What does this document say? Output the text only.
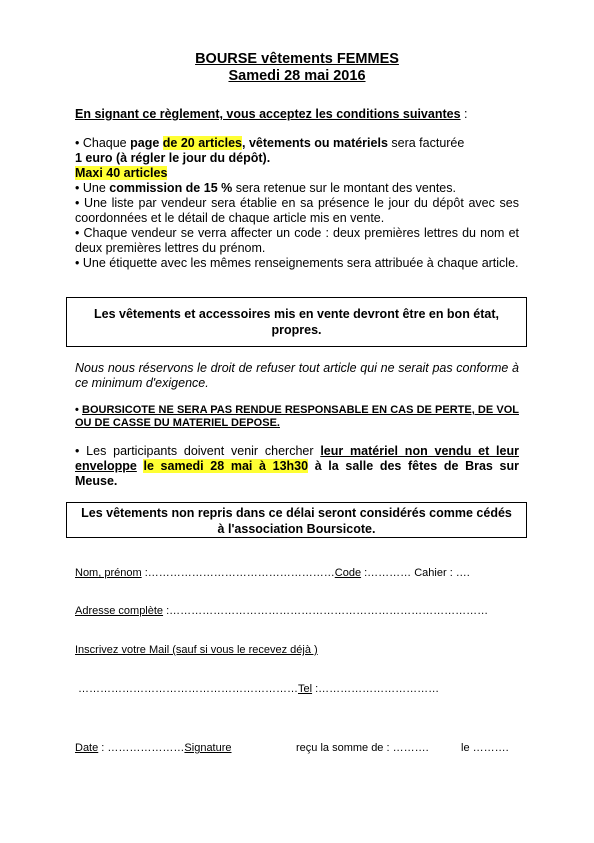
BOURSE vêtements FEMMES
Samedi 28 mai 2016
En signant ce règlement, vous acceptez les conditions suivantes :
• Chaque page de 20 articles, vêtements ou matériels sera facturée
1 euro (à régler le jour du dépôt).
Maxi 40 articles
• Une commission de 15 % sera retenue sur le montant des ventes.
• Une liste par vendeur sera établie en sa présence le jour du dépôt avec ses coordonnées et le détail de chaque article mis en vente.
• Chaque vendeur se verra affecter un code : deux premières lettres du nom et deux premières lettres du prénom.
• Une étiquette avec les mêmes renseignements sera attribuée à chaque article.
Les vêtements et accessoires mis en vente devront être en bon état, propres.
Nous nous réservons le droit de refuser tout article qui ne serait pas conforme à ce minimum d'exigence.
• BOURSICOTE NE SERA PAS RENDUE RESPONSABLE EN CAS DE PERTE, DE VOL OU DE CASSE DU MATERIEL DEPOSE.
• Les participants doivent venir chercher leur matériel non vendu et leur enveloppe le samedi 28 mai à 13h30 à la salle des fêtes de Bras sur Meuse.
Les vêtements non repris dans ce délai seront considérés comme cédés à l'association Boursicote.
Nom, prénom :……………………………………………Code :………… Cahier : ….
Adresse complète :……………………………………………………………………………
Inscrivez votre Mail (sauf si vous le recevez déjà )
……………………………………………………Tel :……………………………
Date : …………………Signature	reçu la somme de : ……….	le ……….
